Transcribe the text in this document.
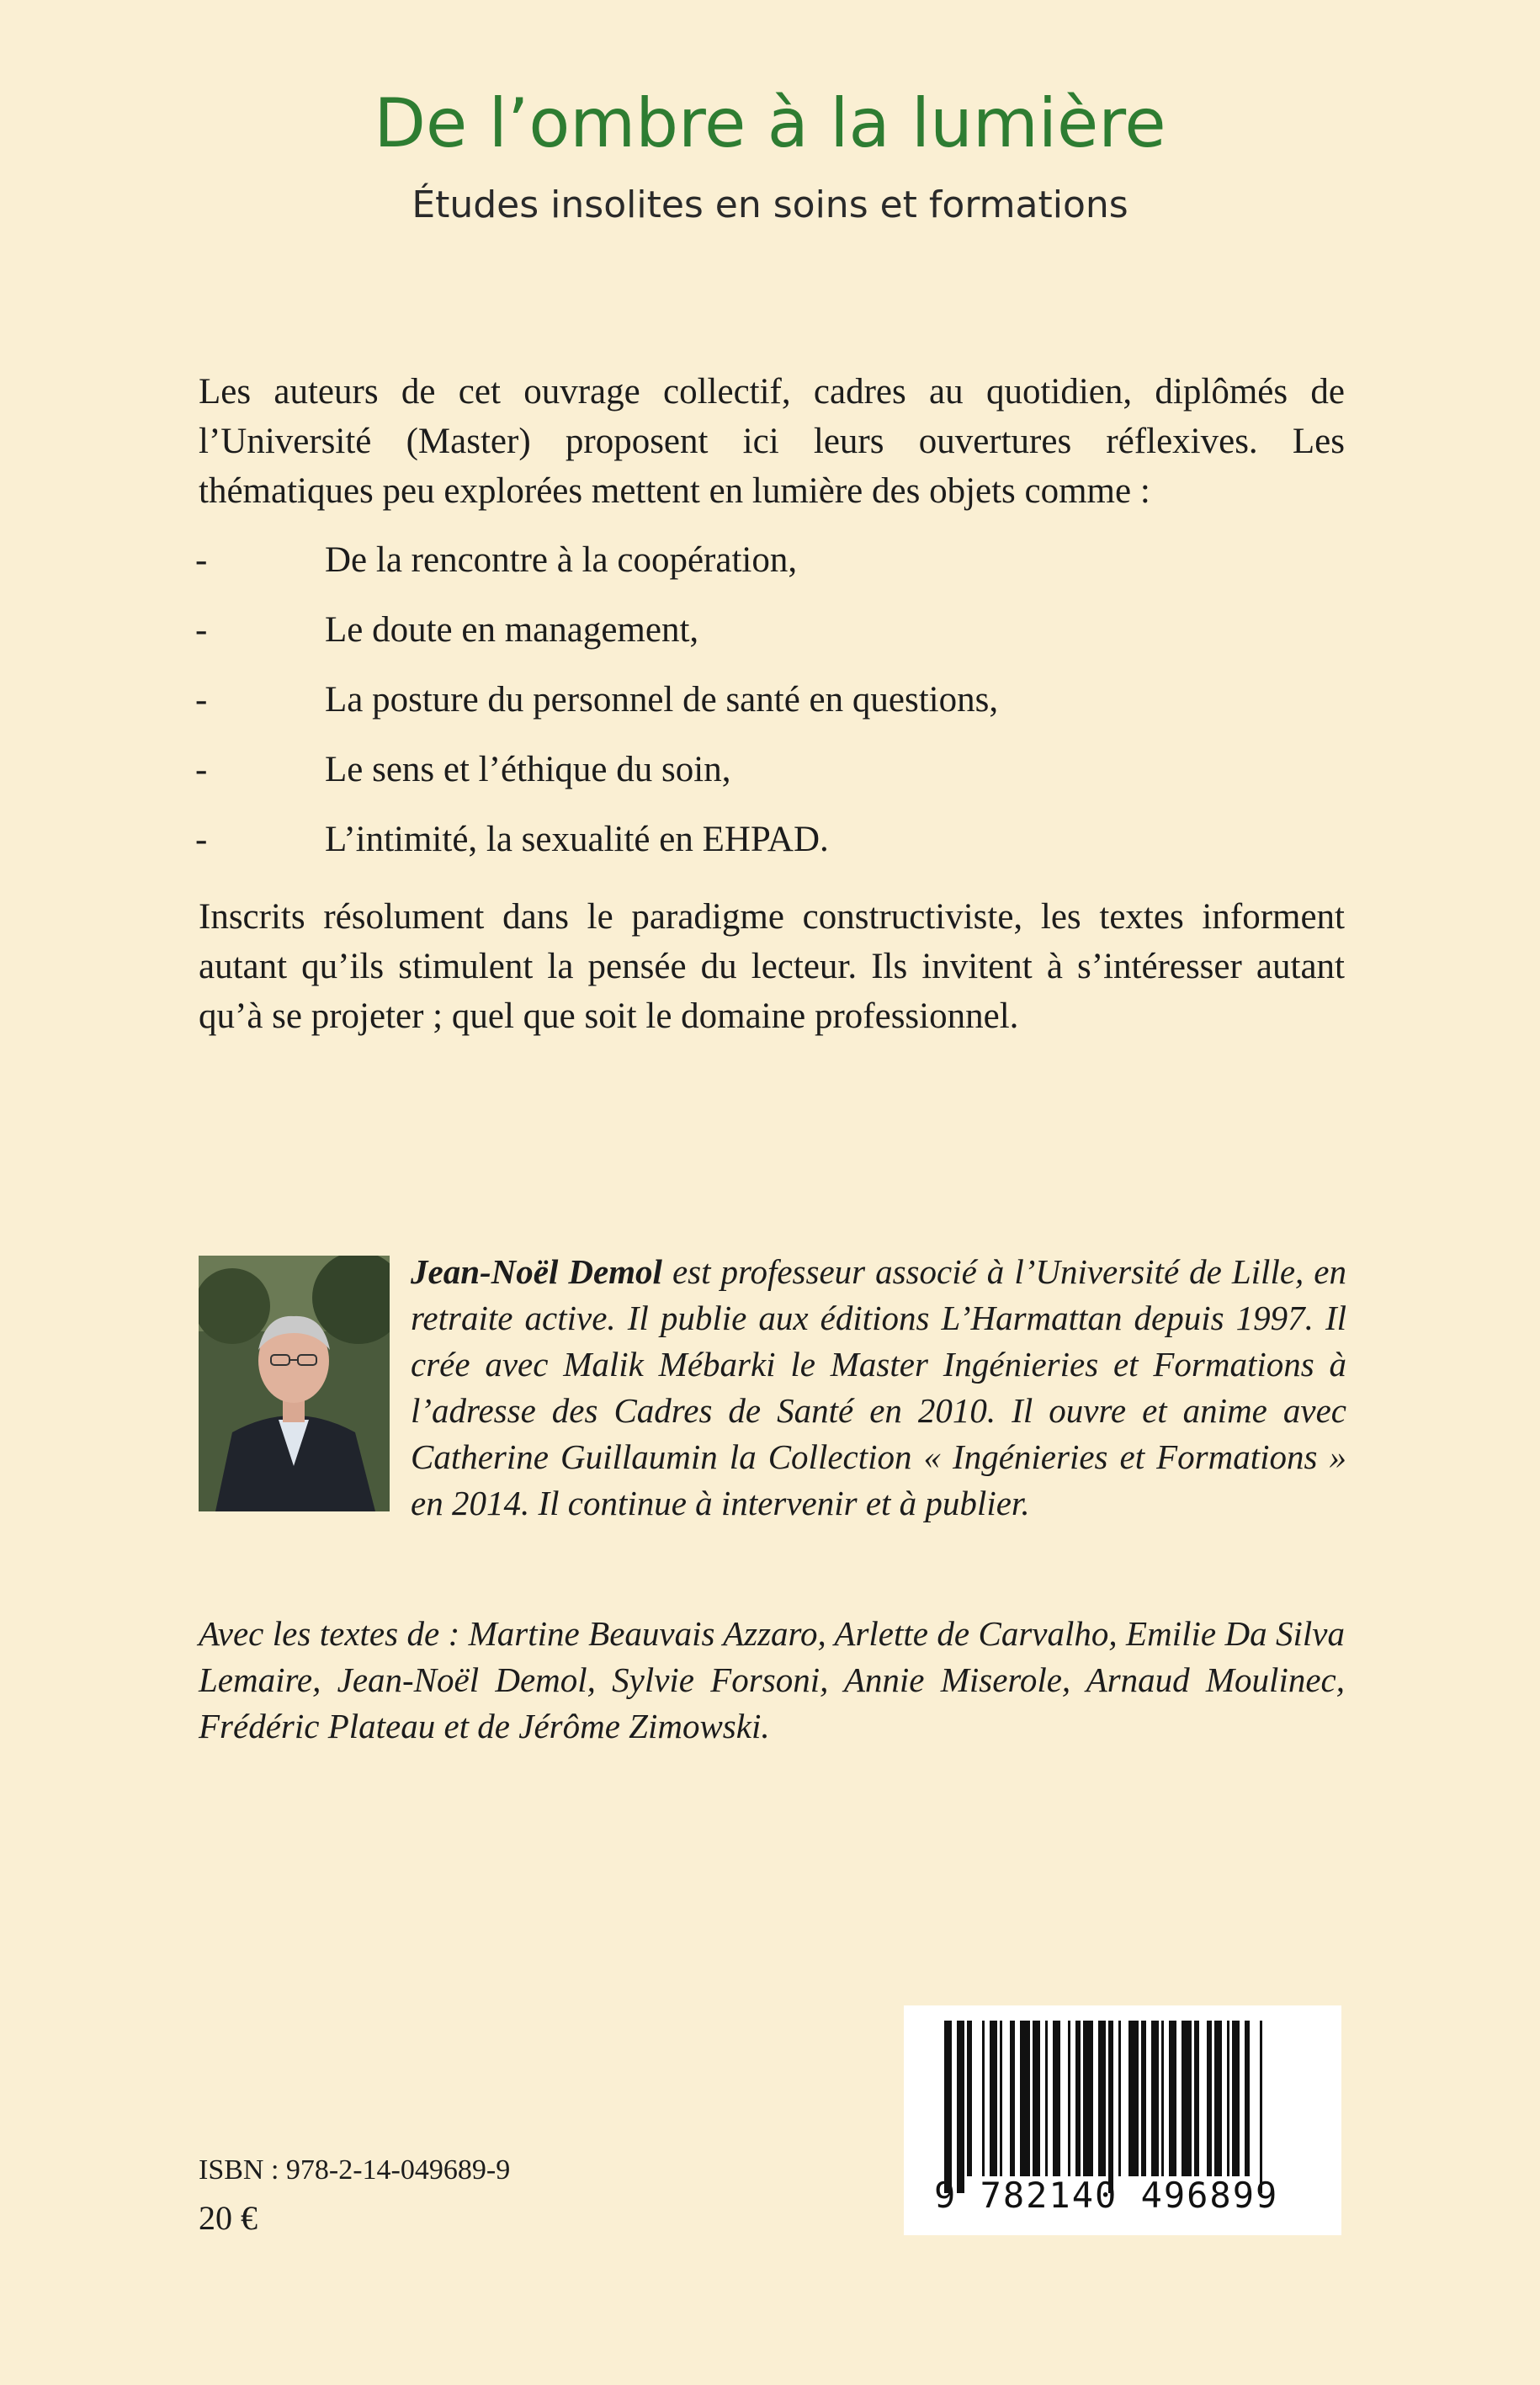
De l’ombre à la lumière
Études insolites en soins et formations

Les auteurs de cet ouvrage collectif, cadres au quotidien, diplômés de l’Université (Master) proposent ici leurs ouvertures réflexives. Les thématiques peu explorées mettent en lumière des objets comme :

-	De la rencontre à la coopération,
-	Le doute en management,
-	La posture du personnel de santé en questions,
-	Le sens et l’éthique du soin,
-	L’intimité, la sexualité en EHPAD.

Inscrits résolument dans le paradigme constructiviste, les textes informent autant qu’ils stimulent la pensée du lecteur. Ils invitent à s’intéresser autant qu’à se projeter ; quel que soit le domaine professionnel.

Jean-Noël Demol est professeur associé à l’Université de Lille, en retraite active. Il publie aux éditions L’Harmattan depuis 1997. Il crée avec Malik Mébarki le Master Ingénieries et Formations à l’adresse des Cadres de Santé en 2010. Il ouvre et anime avec Catherine Guillaumin la Collection « Ingénieries et Formations » en 2014. Il continue à intervenir et à publier.

Avec les textes de : Martine Beauvais Azzaro, Arlette de Carvalho, Emilie Da Silva Lemaire, Jean-Noël Demol, Sylvie Forsoni, Annie Miserole, Arnaud Moulinec, Frédéric Plateau et de Jérôme Zimowski.

9 782140 496899

ISBN : 978-2-14-049689-9

20 €
